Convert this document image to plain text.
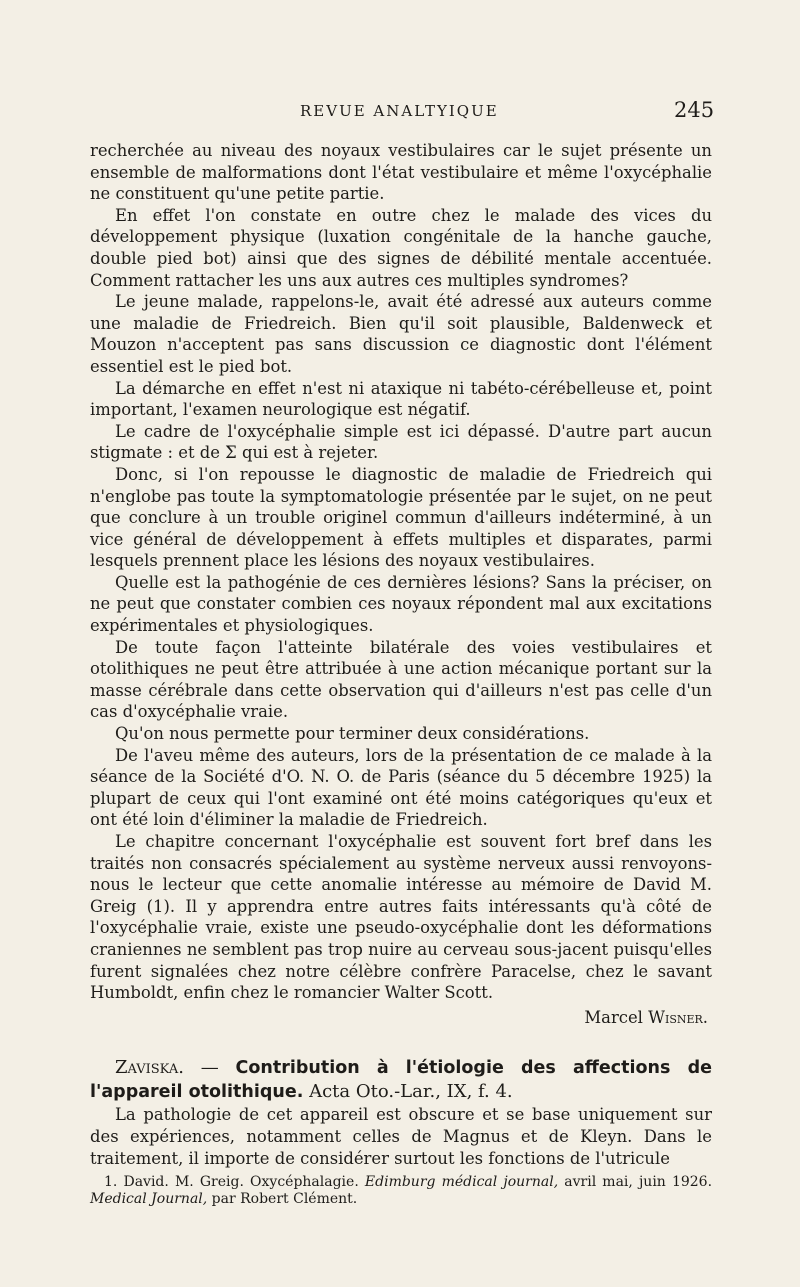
REVUE ANALTYIQUE	245

recherchée au niveau des noyaux vestibulaires car le sujet présente un ensemble de malformations dont l'état vestibulaire et même l'oxycéphalie ne constituent qu'une petite partie.

En effet l'on constate en outre chez le malade des vices du développement physique (luxation congénitale de la hanche gauche, double pied bot) ainsi que des signes de débilité mentale accentuée. Comment rattacher les uns aux autres ces multiples syndromes?

Le jeune malade, rappelons-le, avait été adressé aux auteurs comme une maladie de Friedreich. Bien qu'il soit plausible, Baldenweck et Mouzon n'acceptent pas sans discussion ce diagnostic dont l'élément essentiel est le pied bot.

La démarche en effet n'est ni ataxique ni tabéto-cérébelleuse et, point important, l'examen neurologique est négatif.

Le cadre de l'oxycéphalie simple est ici dépassé. D'autre part aucun stigmate : et de Σ qui est à rejeter.

Donc, si l'on repousse le diagnostic de maladie de Friedreich qui n'englobe pas toute la symptomatologie présentée par le sujet, on ne peut que conclure à un trouble originel commun d'ailleurs indéterminé, à un vice général de développement à effets multiples et disparates, parmi lesquels prennent place les lésions des noyaux vestibulaires.

Quelle est la pathogénie de ces dernières lésions? Sans la préciser, on ne peut que constater combien ces noyaux répondent mal aux excitations expérimentales et physiologiques.

De toute façon l'atteinte bilatérale des voies vestibulaires et otolithiques ne peut être attribuée à une action mécanique portant sur la masse cérébrale dans cette observation qui d'ailleurs n'est pas celle d'un cas d'oxycéphalie vraie.

Qu'on nous permette pour terminer deux considérations.

De l'aveu même des auteurs, lors de la présentation de ce malade à la séance de la Société d'O. N. O. de Paris (séance du 5 décembre 1925) la plupart de ceux qui l'ont examiné ont été moins catégoriques qu'eux et ont été loin d'éliminer la maladie de Friedreich.

Le chapitre concernant l'oxycéphalie est souvent fort bref dans les traités non consacrés spécialement au système nerveux aussi renvoyons-nous le lecteur que cette anomalie intéresse au mémoire de David M. Greig (1). Il y apprendra entre autres faits intéressants qu'à côté de l'oxycéphalie vraie, existe une pseudo-oxycéphalie dont les déformations craniennes ne semblent pas trop nuire au cerveau sous-jacent puisqu'elles furent signalées chez notre célèbre confrère Paracelse, chez le savant Humboldt, enfin chez le romancier Walter Scott.

Marcel Wisner.
Zaviska. — Contribution à l'étiologie des affections de l'appareil otolithique. Acta Oto.-Lar., IX, f. 4.

La pathologie de cet appareil est obscure et se base uniquement sur des expériences, notamment celles de Magnus et de Kleyn. Dans le traitement, il importe de considérer surtout les fonctions de l'utricule

1. David. M. Greig. Oxycéphalagie. Edimburg médical journal, avril mai, juin 1926. Medical Journal, par Robert Clément.
